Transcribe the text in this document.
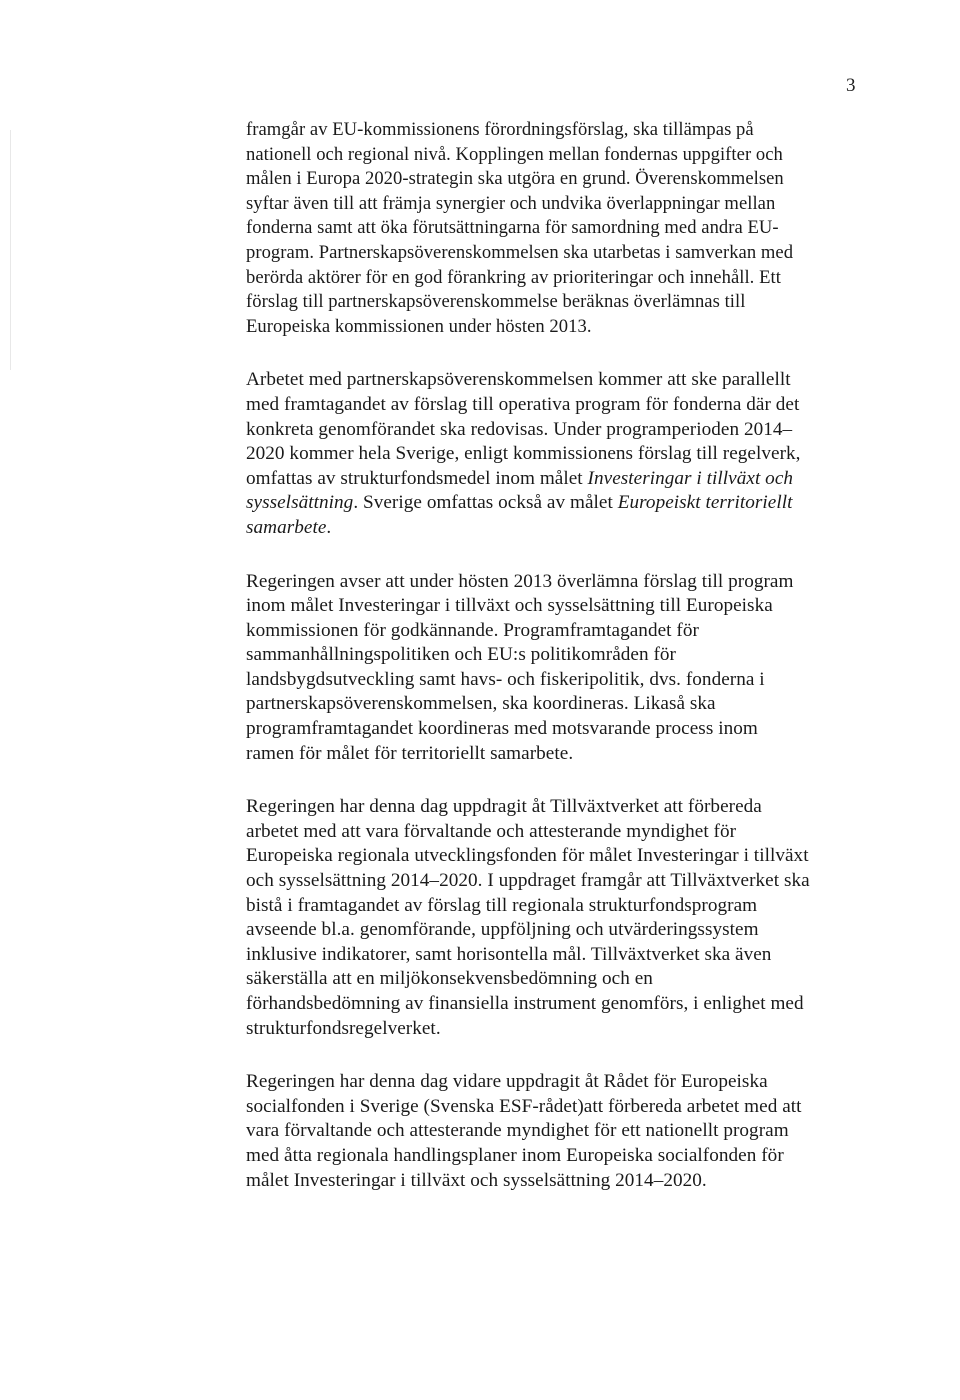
3

framgår av EU-kommissionens förordningsförslag, ska tillämpas på
nationell och regional nivå. Kopplingen mellan fondernas uppgifter och
målen i Europa 2020-strategin ska utgöra en grund. Överenskommelsen
syftar även till att främja synergier och undvika överlappningar mellan
fonderna samt att öka förutsättningarna för samordning med andra EU-
program. Partnerskapsöverenskommelsen ska utarbetas i samverkan med
berörda aktörer för en god förankring av prioriteringar och innehåll. Ett
förslag till partnerskapsöverenskommelse beräknas överlämnas till
Europeiska kommissionen under hösten 2013.

Arbetet med partnerskapsöverenskommelsen kommer att ske parallellt
med framtagandet av förslag till operativa program för fonderna där det
konkreta genomförandet ska redovisas. Under programperioden 2014–
2020 kommer hela Sverige, enligt kommissionens förslag till regelverk,
omfattas av strukturfondsmedel inom målet Investeringar i tillväxt och
sysselsättning. Sverige omfattas också av målet Europeiskt territoriellt
samarbete.

Regeringen avser att under hösten 2013 överlämna förslag till program
inom målet Investeringar i tillväxt och sysselsättning till Europeiska
kommissionen för godkännande. Programframtagandet för
sammanhållningspolitiken och EU:s politikområden för
landsbygdsutveckling samt havs- och fiskeripolitik, dvs. fonderna i
partnerskapsöverenskommelsen, ska koordineras. Likaså ska
programframtagandet koordineras med motsvarande process inom
ramen för målet för territoriellt samarbete.

Regeringen har denna dag uppdragit åt Tillväxtverket att förbereda
arbetet med att vara förvaltande och attesterande myndighet för
Europeiska regionala utvecklingsfonden för målet Investeringar i tillväxt
och sysselsättning 2014–2020. I uppdraget framgår att Tillväxtverket ska
bistå i framtagandet av förslag till regionala strukturfondsprogram
avseende bl.a. genomförande, uppföljning och utvärderingssystem
inklusive indikatorer, samt horisontella mål. Tillväxtverket ska även
säkerställa att en miljökonsekvensbedömning och en
förhandsbedömning av finansiella instrument genomförs, i enlighet med
strukturfondsregelverket.

Regeringen har denna dag vidare uppdragit åt Rådet för Europeiska
socialfonden i Sverige (Svenska ESF-rådet)att förbereda arbetet med att
vara förvaltande och attesterande myndighet för ett nationellt program
med åtta regionala handlingsplaner inom Europeiska socialfonden för
målet Investeringar i tillväxt och sysselsättning 2014–2020.
